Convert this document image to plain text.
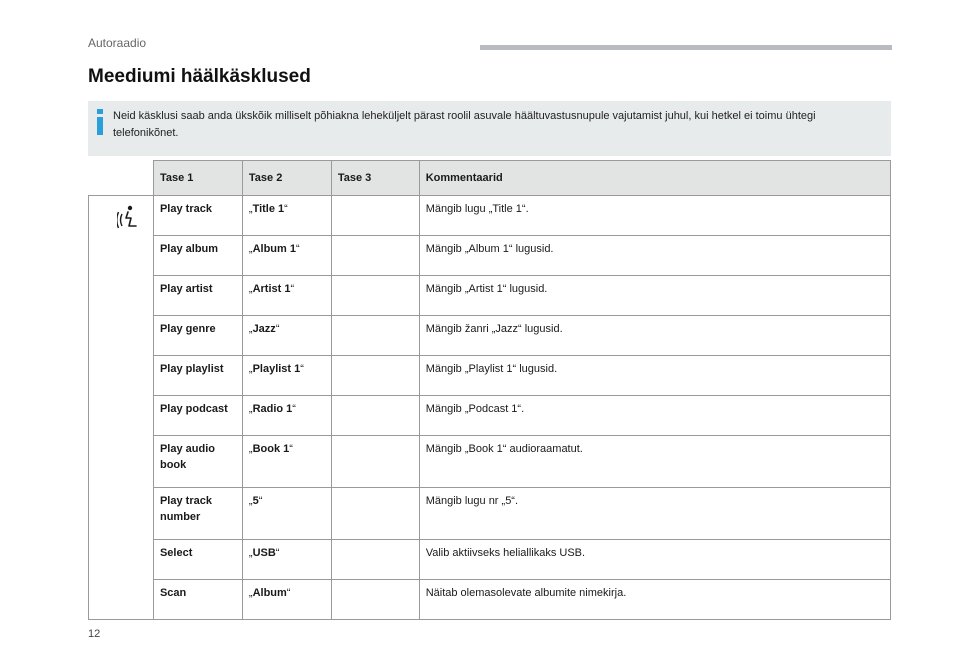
Autoraadio
Meediumi häälkäsklused
Neid käsklusi saab anda ükskõik milliselt põhiakna leheküljelt pärast roolil asuvale häältuvastusnupule vajutamist juhul, kui hetkel ei toimu ühtegi telefonikõnet.
	Tase 1	Tase 2	Tase 3	Kommentaarid

	Play track	„Title 1“		Mängib lugu „Title 1“.
	Play album	„Album 1“		Mängib „Album 1“ lugusid.
	Play artist	„Artist 1“		Mängib „Artist 1“ lugusid.
	Play genre	„Jazz“		Mängib žanri „Jazz“ lugusid.
	Play playlist	„Playlist 1“		Mängib „Playlist 1“ lugusid.
	Play podcast	„Radio 1“		Mängib „Podcast 1“.
	Play audio book	„Book 1“		Mängib „Book 1“ audioraamatut.
	Play track number	„5“		Mängib lugu nr „5“.
	Select	„USB“		Valib aktiivseks heliallikaks USB.
	Scan	„Album“		Näitab olemasolevate albumite nimekirja.
12
